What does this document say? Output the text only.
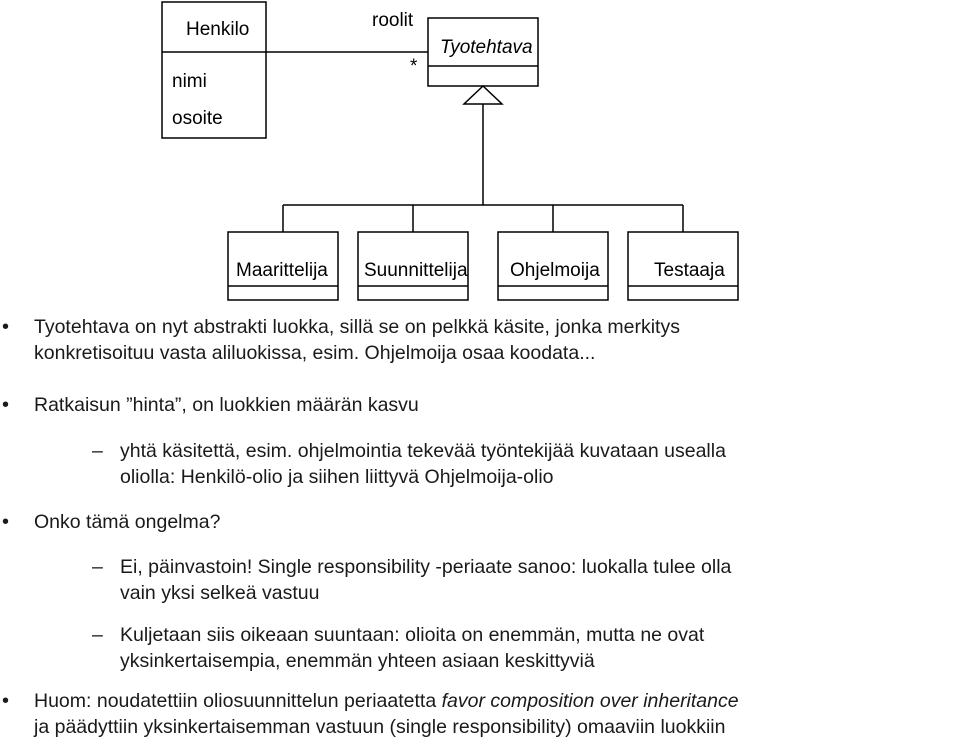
Henkilo
nimi
osoite
roolit
*
Tyotehtava
Maarittelija Suunnittelija Ohjelmoija	Testaaja
• Tyotehtava on nyt abstrakti luokka, sillä se on pelkkä käsite, jonka merkitys
konkretisoituu vasta aliluokissa, esim. Ohjelmoija osaa koodata...
• Ratkaisun ”hinta”, on luokkien määrän kasvu
– yhtä käsitettä, esim. ohjelmointia tekevää työntekijää kuvataan usealla
oliolla: Henkilö-olio ja siihen liittyvä Ohjelmoija-olio
• Onko tämä ongelma?
– Ei, päinvastoin! Single responsibility -periaate sanoo: luokalla tulee olla
vain yksi selkeä vastuu
– Kuljetaan siis oikeaan suuntaan: olioita on enemmän, mutta ne ovat
yksinkertaisempia, enemmän yhteen asiaan keskittyviä
• Huom: noudatettiin oliosuunnittelun periaatetta favor composition over inheritance
ja päädyttiin yksinkertaisemman vastuun (single responsibility) omaaviin luokkiin
